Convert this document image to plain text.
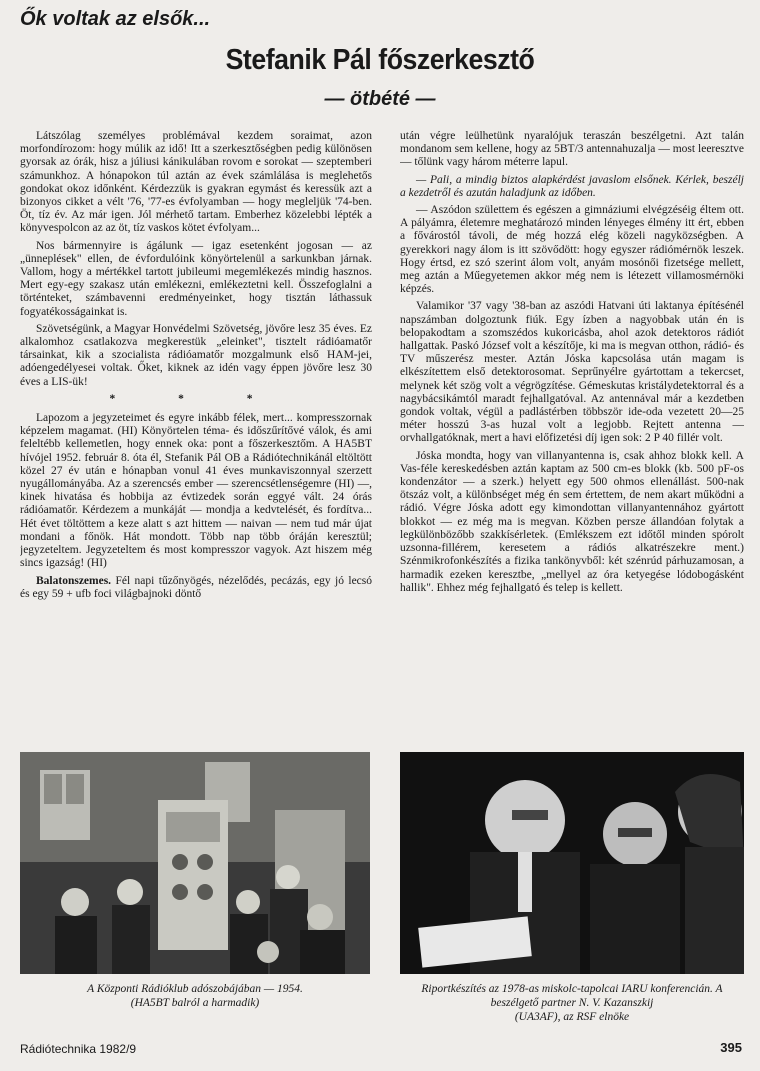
Ők voltak az elsők...
Stefanik Pál főszerkesztő
— ötbété —

Látszólag személyes problémával kezdem soraimat, azon morfondírozom: hogy múlik az idő! Itt a szerkesztőségben pedig különösen gyorsak az órák, hisz a júliusi kánikulában rovom e sorokat — szeptemberi számunkhoz. A hónapokon túl aztán az évek számlálása is meglehetős gondokat okoz időnként. Kérdezzük is gyakran egymást és keressük azt a bizonyos cikket a vélt '76, '77-es évfolyamban — hogy megleljük '74-ben. Öt, tíz év. Az már igen. Jól mérhető tartam. Emberhez közelebbi lépték a könyvespolcon az az öt, tíz vaskos kötet évfolyam...

Nos bármennyire is ágálunk — igaz esetenként jogosan — az „ünneplések" ellen, de évfordulóink könyörtelenül a sarkunkban járnak. Vallom, hogy a mértékkel tartott jubileumi megemlékezés mindig hasznos. Mert egy-egy szakasz után emlékezni, emlékeztetni kell. Összefoglalni a történteket, számbavenni eredményeinket, hogy tisztán láthassuk fogyatékosságainkat is.

Szövetségünk, a Magyar Honvédelmi Szövetség, jövőre lesz 35 éves. Ez alkalomhoz csatlakozva megkerestük „eleinket", tisztelt rádióamatőr társainkat, kik a szocialista rádióamatőr mozgalmunk első HAM-jei, adóengedélyesei voltak. Őket, kiknek az idén vagy éppen jövőre lesz 30 éves a LIS-ük!

* * *

Lapozom a jegyzeteimet és egyre inkább félek, mert... kompresszornak képzelem magamat. (HI) Könyörtelen téma- és időszűrítővé válok, és ami feleltébb kellemetlen, hogy ennek oka: pont a főszerkesztőm. A HA5BT hívójel 1952. február 8. óta él, Stefanik Pál OB a Rádiótechnikánál eltöltött közel 27 év után e hónapban vonul 41 éves munkaviszonnyal szerzett nyugállományába. Az a szerencsés ember — szerencsétlenségemre (HI) —, kinek hivatása és hobbija az évtizedek során eggyé vált. 24 órás rádióamatőr. Kérdezem a munkáját — mondja a kedvtelését, és fordítva... Hét évet töltöttem a keze alatt s azt hittem — naivan — nem tud már újat mondani a főnök. Hát mondott. Több nap több óráján keresztül; jegyzeteltem. Jegyzeteltem és most kompresszor vagyok. Azt hiszem még sincs igazság! (HI)

Balatonszemes. Fél napi tűzőnyögés, nézelődés, pecázás, egy jó lecsó és egy 59 + ufb foci világbajnoki döntő

után végre leülhetünk nyaralójuk teraszán beszélgetni. Azt talán mondanom sem kellene, hogy az 5BT/3 antennahuzalja — most leeresztve — tőlünk vagy három méterre lapul.

— Pali, a mindig biztos alapkérdést javaslom elsőnek. Kérlek, beszélj a kezdetről és azután haladjunk az időben.

— Aszódon születtem és egészen a gimnáziumi elvégzéséig éltem ott. A pályámra, életemre meghatározó minden lényeges élmény itt ért, ebben a fővárostól távoli, de még hozzá elég közeli nagyközségben. A gyerekkori nagy álom is itt szövődött: hogy egyszer rádiómérnök leszek. Hogy értsd, ez szó szerint álom volt, anyám mosónői fizetsége mellett, meg aztán a Műegyetemen akkor még nem is létezett villamosmérnöki képzés.

Valamikor '37 vagy '38-ban az aszódi Hatvani úti laktanya építésénél napszámban dolgoztunk fiúk. Egy ízben a nagyobbak után én is belopakodtam a szomszédos kukoricásba, ahol azok detektoros rádiót hallgattak. Paskó József volt a készítője, ki ma is megvan otthon, rádió- és TV műszerész mester. Aztán Jóska kapcsolása után magam is elkészítettem első detektorosomat. Seprűnyélre gyártottam a tekercset, melynek két szög volt a végrögzítése. Gémeskutas kristálydetektorral és a nagybácsikámtól maradt fejhallgatóval. Az antennával már a kezdetben gondok voltak, végül a padlástérben többször ide-oda vezetett 20—25 méter hosszú 3-as huzal volt a legjobb. Rejtett antenna — orvhallgatóknak, mert a havi előfizetési díj igen sok: 2 P 40 fillér volt.

Jóska mondta, hogy van villanyantenna is, csak ahhoz blokk kell. A Vas-féle kereskedésben aztán kaptam az 500 cm-es blokk (kb. 500 pF-os kondenzátor — a szerk.) helyett egy 500 ohmos ellenállást. 500-nak ötszáz volt, a különbséget még én sem értettem, de nem akart működni a rádió. Végre Jóska adott egy kimondottan villanyantennához gyártott blokkot — ez még ma is megvan. Közben persze állandóan folytak a legkülönbözőbb szakkísérletek. (Emlékszem ezt időtől minden spórolt uzsonna-fillérem, keresetem a rádiós alkatrészekre ment.) Szénmikrofonkészítés a fizika tankönyvből: két szénrúd párhuzamosan, a harmadik ezeken keresztbe, „mellyel az óra ketyegése lódobogásként hallik". Ehhez még fejhallgató és telep is kellett.

A Központi Rádióklub adószobájában — 1954.
(HA5BT balról a harmadik)
Riportkészítés az 1978-as miskolc-tapolcai IARU konferencián. A beszélgető partner N. V. Kazanszkij
(UA3AF), az RSF elnöke
Rádiótechnika 1982/9	395
